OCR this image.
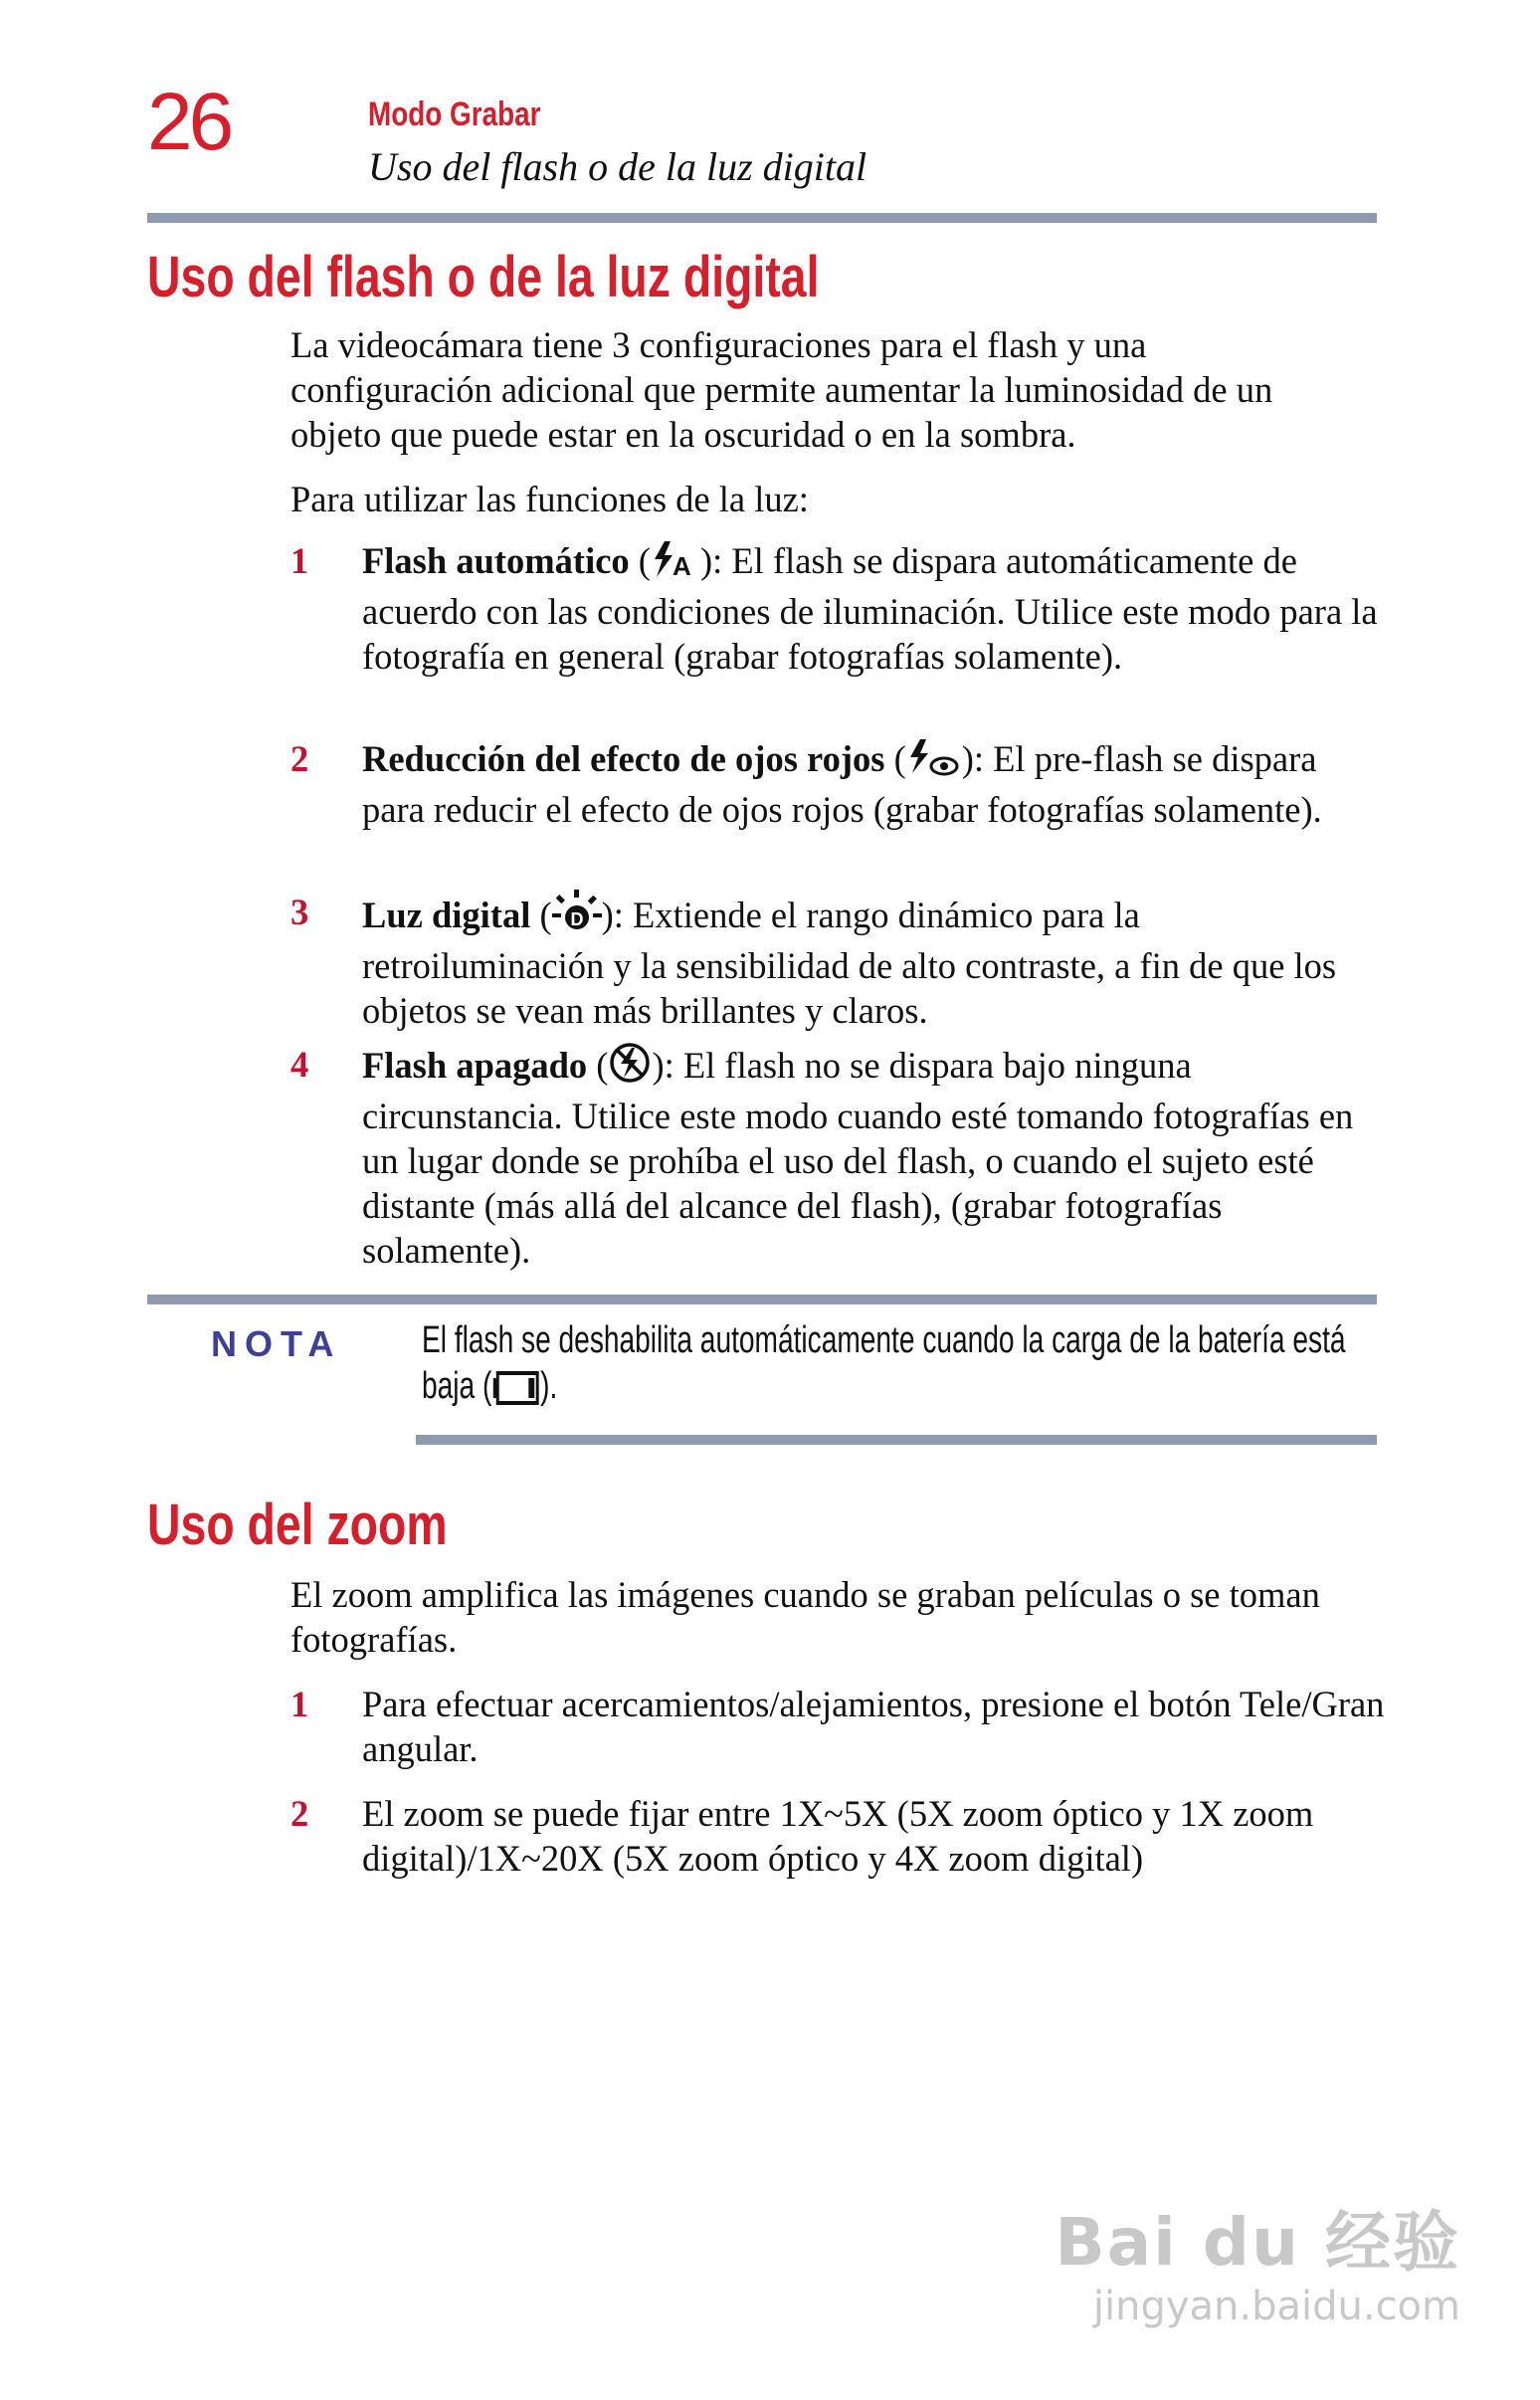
26	Modo Grabar
Uso del flash o de la luz digital
Uso del flash o de la luz digital
La videocámara tiene 3 configuraciones para el flash y una configuración adicional que permite aumentar la luminosidad de un objeto que puede estar en la oscuridad o en la sombra.
Para utilizar las funciones de la luz:
1 Flash automático ( A ): El flash se dispara automáticamente de acuerdo con las condiciones de iluminación. Utilice este modo para la fotografía en general (grabar fotografías solamente).
2 Reducción del efecto de ojos rojos ( ): El pre-flash se dispara para reducir el efecto de ojos rojos (grabar fotografías solamente).
3 Luz digital ( D ): Extiende el rango dinámico para la retroiluminación y la sensibilidad de alto contraste, a fin de que los objetos se vean más brillantes y claros.
4 Flash apagado ( ): El flash no se dispara bajo ninguna circunstancia. Utilice este modo cuando esté tomando fotografías en un lugar donde se prohíba el uso del flash, o cuando el sujeto esté distante (más allá del alcance del flash), (grabar fotografías solamente).
NOTA El flash se deshabilita automáticamente cuando la carga de la batería está baja ( ).
Uso del zoom
El zoom amplifica las imágenes cuando se graban películas o se toman fotografías.
1 Para efectuar acercamientos/alejamientos, presione el botón Tele/Gran angular.
2 El zoom se puede fijar entre 1X~5X (5X zoom óptico y 1X zoom digital)/1X~20X (5X zoom óptico y 4X zoom digital)
Bai du 经验
jingyan.baidu.com
